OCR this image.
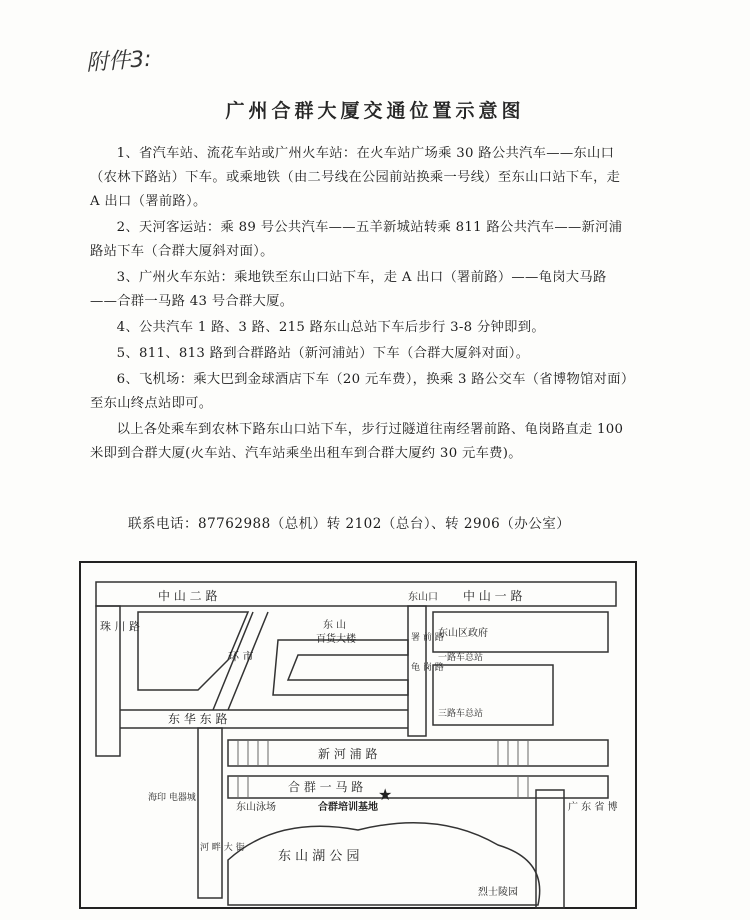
附件3:
广州合群大厦交通位置示意图

1、省汽车站、流花车站或广州火车站：在火车站广场乘 30 路公共汽车——东山口（农林下路站）下车。或乘地铁（由二号线在公园前站换乘一号线）至东山口站下车，走 A 出口（署前路）。

2、天河客运站：乘 89 号公共汽车——五羊新城站转乘 811 路公共汽车——新河浦路站下车（合群大厦斜对面）。

3、广州火车东站：乘地铁至东山口站下车，走 A 出口（署前路）——龟岗大马路——合群一马路 43 号合群大厦。

4、公共汽车 1 路、3 路、215 路东山总站下车后步行 3-8 分钟即到。

5、811、813 路到合群路站（新河浦站）下车（合群大厦斜对面）。

6、飞机场：乘大巴到金球酒店下车（20 元车费），换乘 3 路公交车（省博物馆对面）至东山终点站即可。

以上各处乘车到农林下路东山口站下车，步行过隧道往南经署前路、龟岗路直走 100 米即到合群大厦(火车站、汽车站乘坐出租车到合群大厦约 30 元车费)。

联系电话：87762988（总机）转 2102（总台）、转 2906（办公室）
中 山 二 路	东山口 中 山 一 路
珠 川 路
环 市
东 华 东 路
新 河 浦 路
合 群 一 马 路
龟 岗 路
署 前 路
河 畔 大 街
东 山
百货大楼
东山区政府
一路车总站
三路车总站
东山泳场	合群培训基地
★
东 山 湖 公 园
海印 电器城
广 东 省 博
烈士陵园
